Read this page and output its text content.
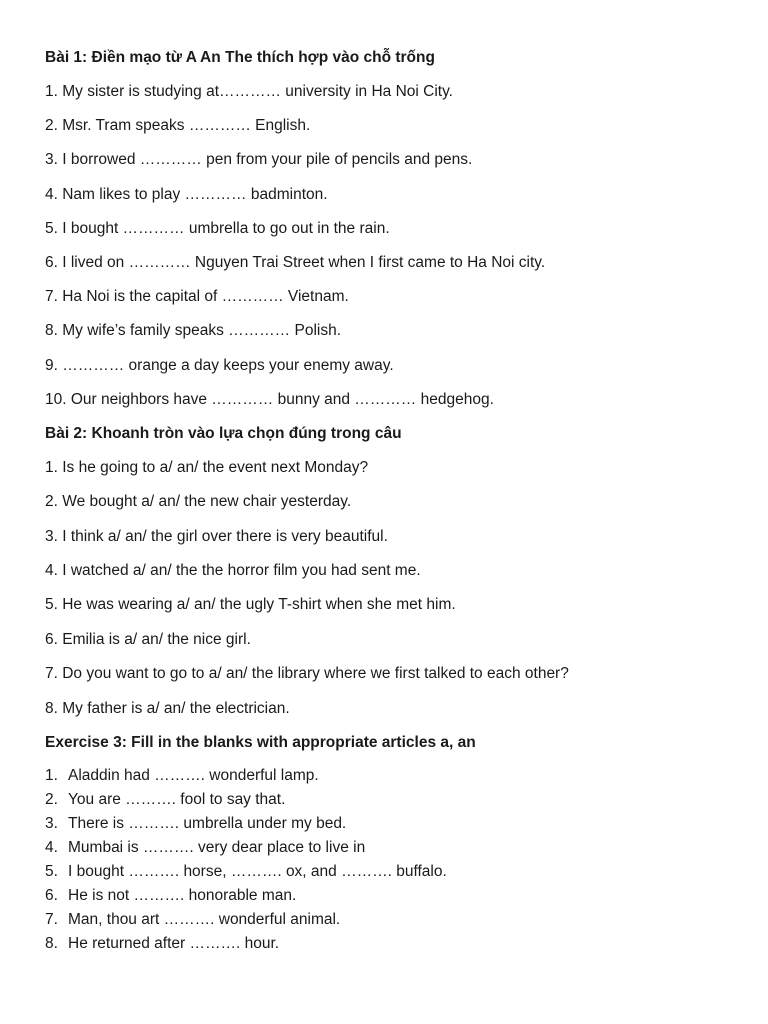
Bài 1: Điền mạo từ A An The thích hợp vào chỗ trống

1. My sister is studying at………… university in Ha Noi City.

2. Msr. Tram speaks ………… English.

3. I borrowed ………… pen from your pile of pencils and pens.

4. Nam likes to play ………… badminton.

5. I bought ………… umbrella to go out in the rain.

6. I lived on ………… Nguyen Trai Street when I first came to Ha Noi city.

7. Ha Noi is the capital of ………… Vietnam.

8. My wife’s family speaks ………… Polish.

9. ………… orange a day keeps your enemy away.

10. Our neighbors have ………… bunny and ………… hedgehog.

Bài 2: Khoanh tròn vào lựa chọn đúng trong câu

1. Is he going to a/ an/ the event next Monday?

2. We bought a/ an/ the new chair yesterday.

3. I think a/ an/ the girl over there is very beautiful.

4. I watched a/ an/ the the horror film you had sent me.

5. He was wearing a/ an/ the ugly T-shirt when she met him.

6. Emilia is a/ an/ the nice girl.

7. Do you want to go to a/ an/ the library where we first talked to each other?

8. My father is a/ an/ the electrician.

Exercise 3: Fill in the blanks with appropriate articles a, an

1. Aladdin had ………. wonderful lamp.
2. You are ………. fool to say that.
3. There is ………. umbrella under my bed.
4. Mumbai is ………. very dear place to live in
5. I bought ………. horse, ………. ox, and ………. buffalo.
6. He is not ………. honorable man.
7. Man, thou art ………. wonderful animal.
8. He returned after ………. hour.
